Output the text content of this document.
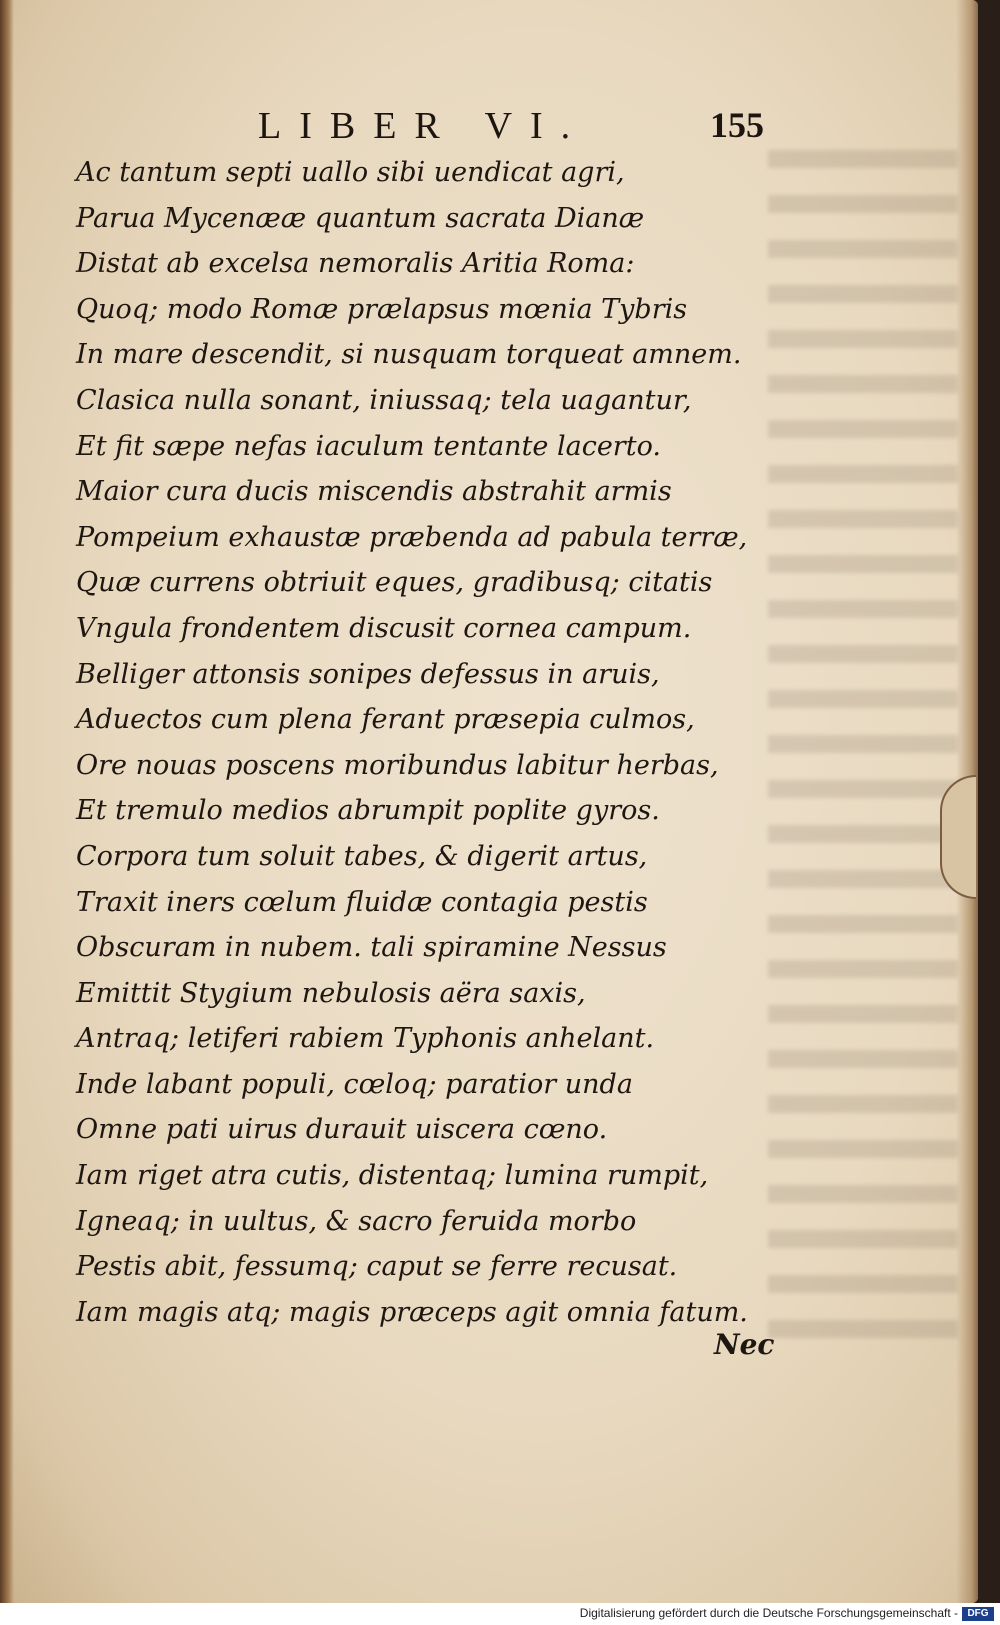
LIBER VI.	155
Ac tantum septi uallo sibi uendicat agri,
Parua Mycenææ quantum sacrata Dianæ
Distat ab excelsa nemoralis Aritia Roma:
Quoq; modo Romæ prælapsus mœnia Tybris
In mare descendit, si nusquam torqueat amnem.
Clasica nulla sonant, iniussaq; tela uagantur,
Et fit sæpe nefas iaculum tentante lacerto.
Maior cura ducis miscendis abstrahit armis
Pompeium exhaustæ præbenda ad pabula terræ,
Quæ currens obtriuit eques, gradibusq; citatis
Vngula frondentem discusit cornea campum.
Belliger attonsis sonipes defessus in aruis,
Aduectos cum plena ferant præsepia culmos,
Ore nouas poscens moribundus labitur herbas,
Et tremulo medios abrumpit poplite gyros.
Corpora tum soluit tabes, & digerit artus,
Traxit iners cœlum fluidæ contagia pestis
Obscuram in nubem. tali spiramine Nessus
Emittit Stygium nebulosis aëra saxis,
Antraq; letiferi rabiem Typhonis anhelant.
Inde labant populi, cœloq; paratior unda
Omne pati uirus durauit uiscera cœno.
Iam riget atra cutis, distentaq; lumina rumpit,
Igneaq; in uultus, & sacro feruida morbo
Pestis abit, fessumq; caput se ferre recusat.
Iam magis atq; magis præceps agit omnia fatum.
Nec
Digitalisierung gefördert durch die Deutsche Forschungsgemeinschaft - DFG
